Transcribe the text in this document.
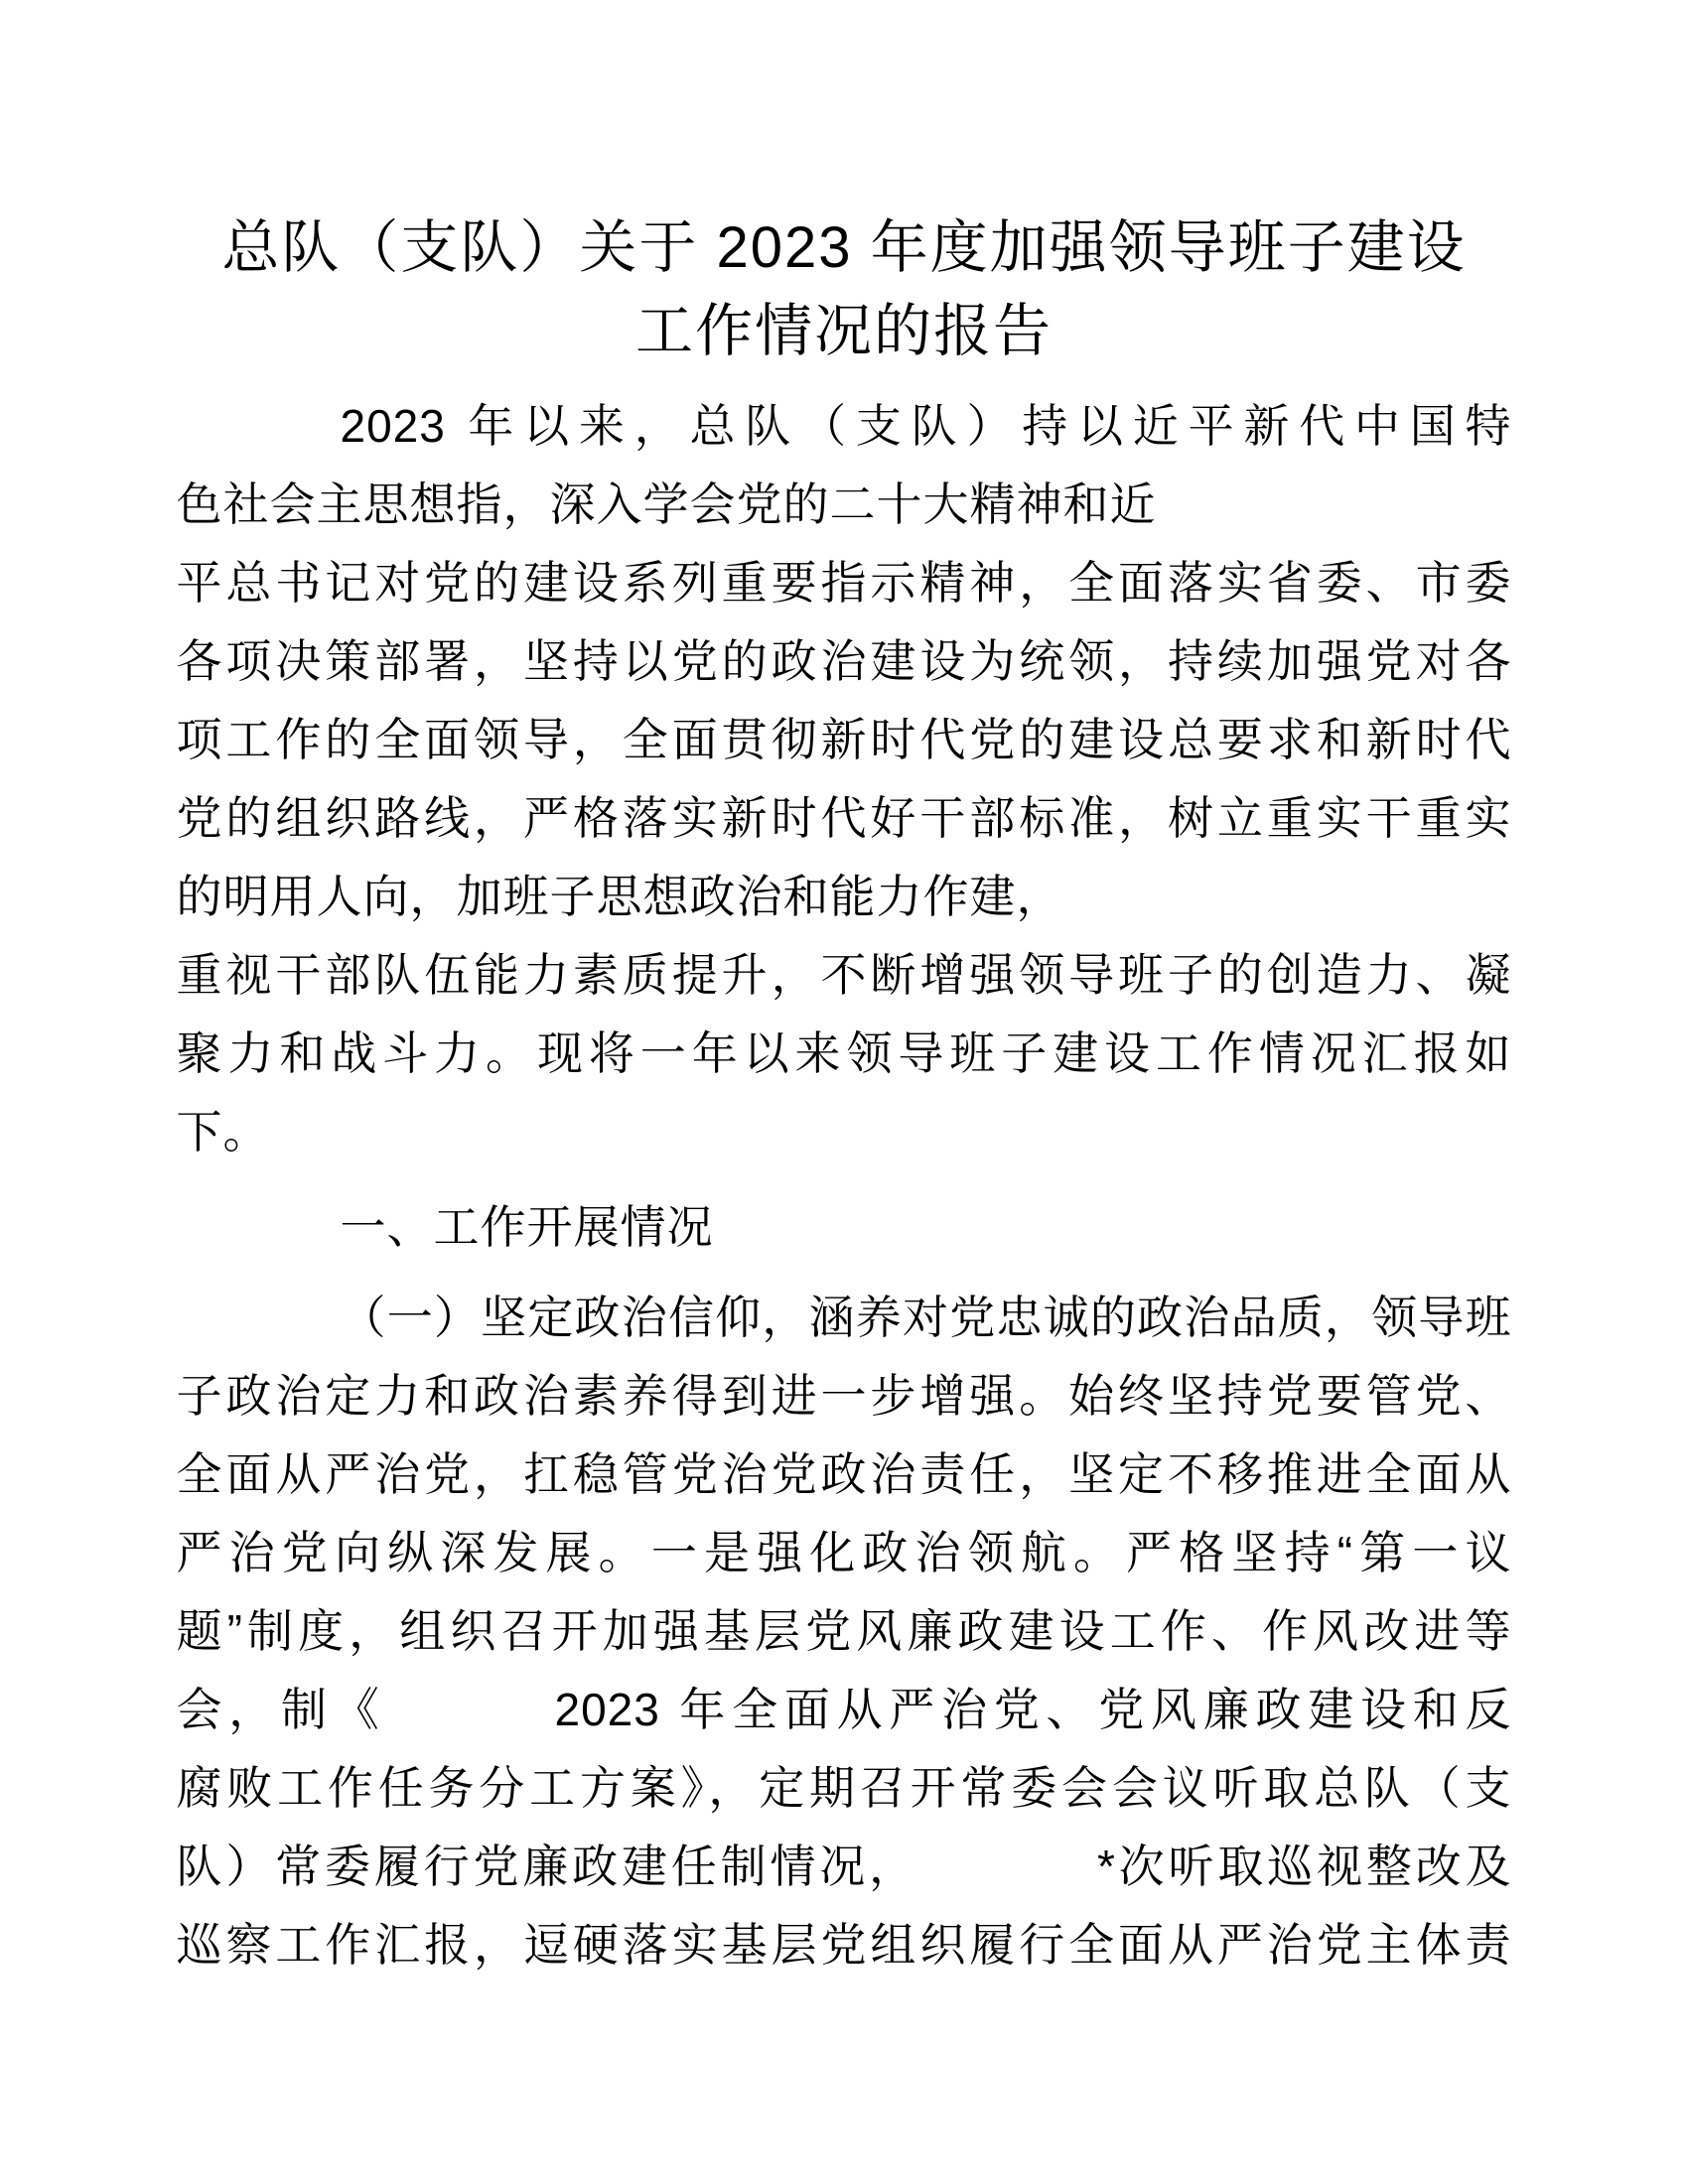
总队（支队）关于 2023 年度加强领导班子建设
工作情况的报告
2023 年以来，总队（支队）持以近平新代中国特
色社会主思想指，深入学会党的二十大精神和近
平总书记对党的建设系列重要指示精神，全面落实省委、市委
各项决策部署，坚持以党的政治建设为统领，持续加强党对各
项工作的全面领导，全面贯彻新时代党的建设总要求和新时代
党的组织路线，严格落实新时代好干部标准，树立重实干重实
的明用人向，加班子思想政治和能力作建，
重视干部队伍能力素质提升，不断增强领导班子的创造力、凝
聚力和战斗力。现将一年以来领导班子建设工作情况汇报如
下。
一、工作开展情况
（一）坚定政治信仰，涵养对党忠诚的政治品质，领导班
子政治定力和政治素养得到进一步增强。始终坚持党要管党、
全面从严治党，扛稳管党治党政治责任，坚定不移推进全面从
严治党向纵深发展。一是强化政治领航。严格坚持“第一议
题”制度，组织召开加强基层党风廉政建设工作、作风改进等
会，制《	2023 年全面从严治党、党风廉政建设和反
腐败工作任务分工方案》，定期召开常委会会议听取总队（支
队）常委履行党廉政建任制情况，	*次听取巡视整改及
巡察工作汇报，逗硬落实基层党组织履行全面从严治党主体责
